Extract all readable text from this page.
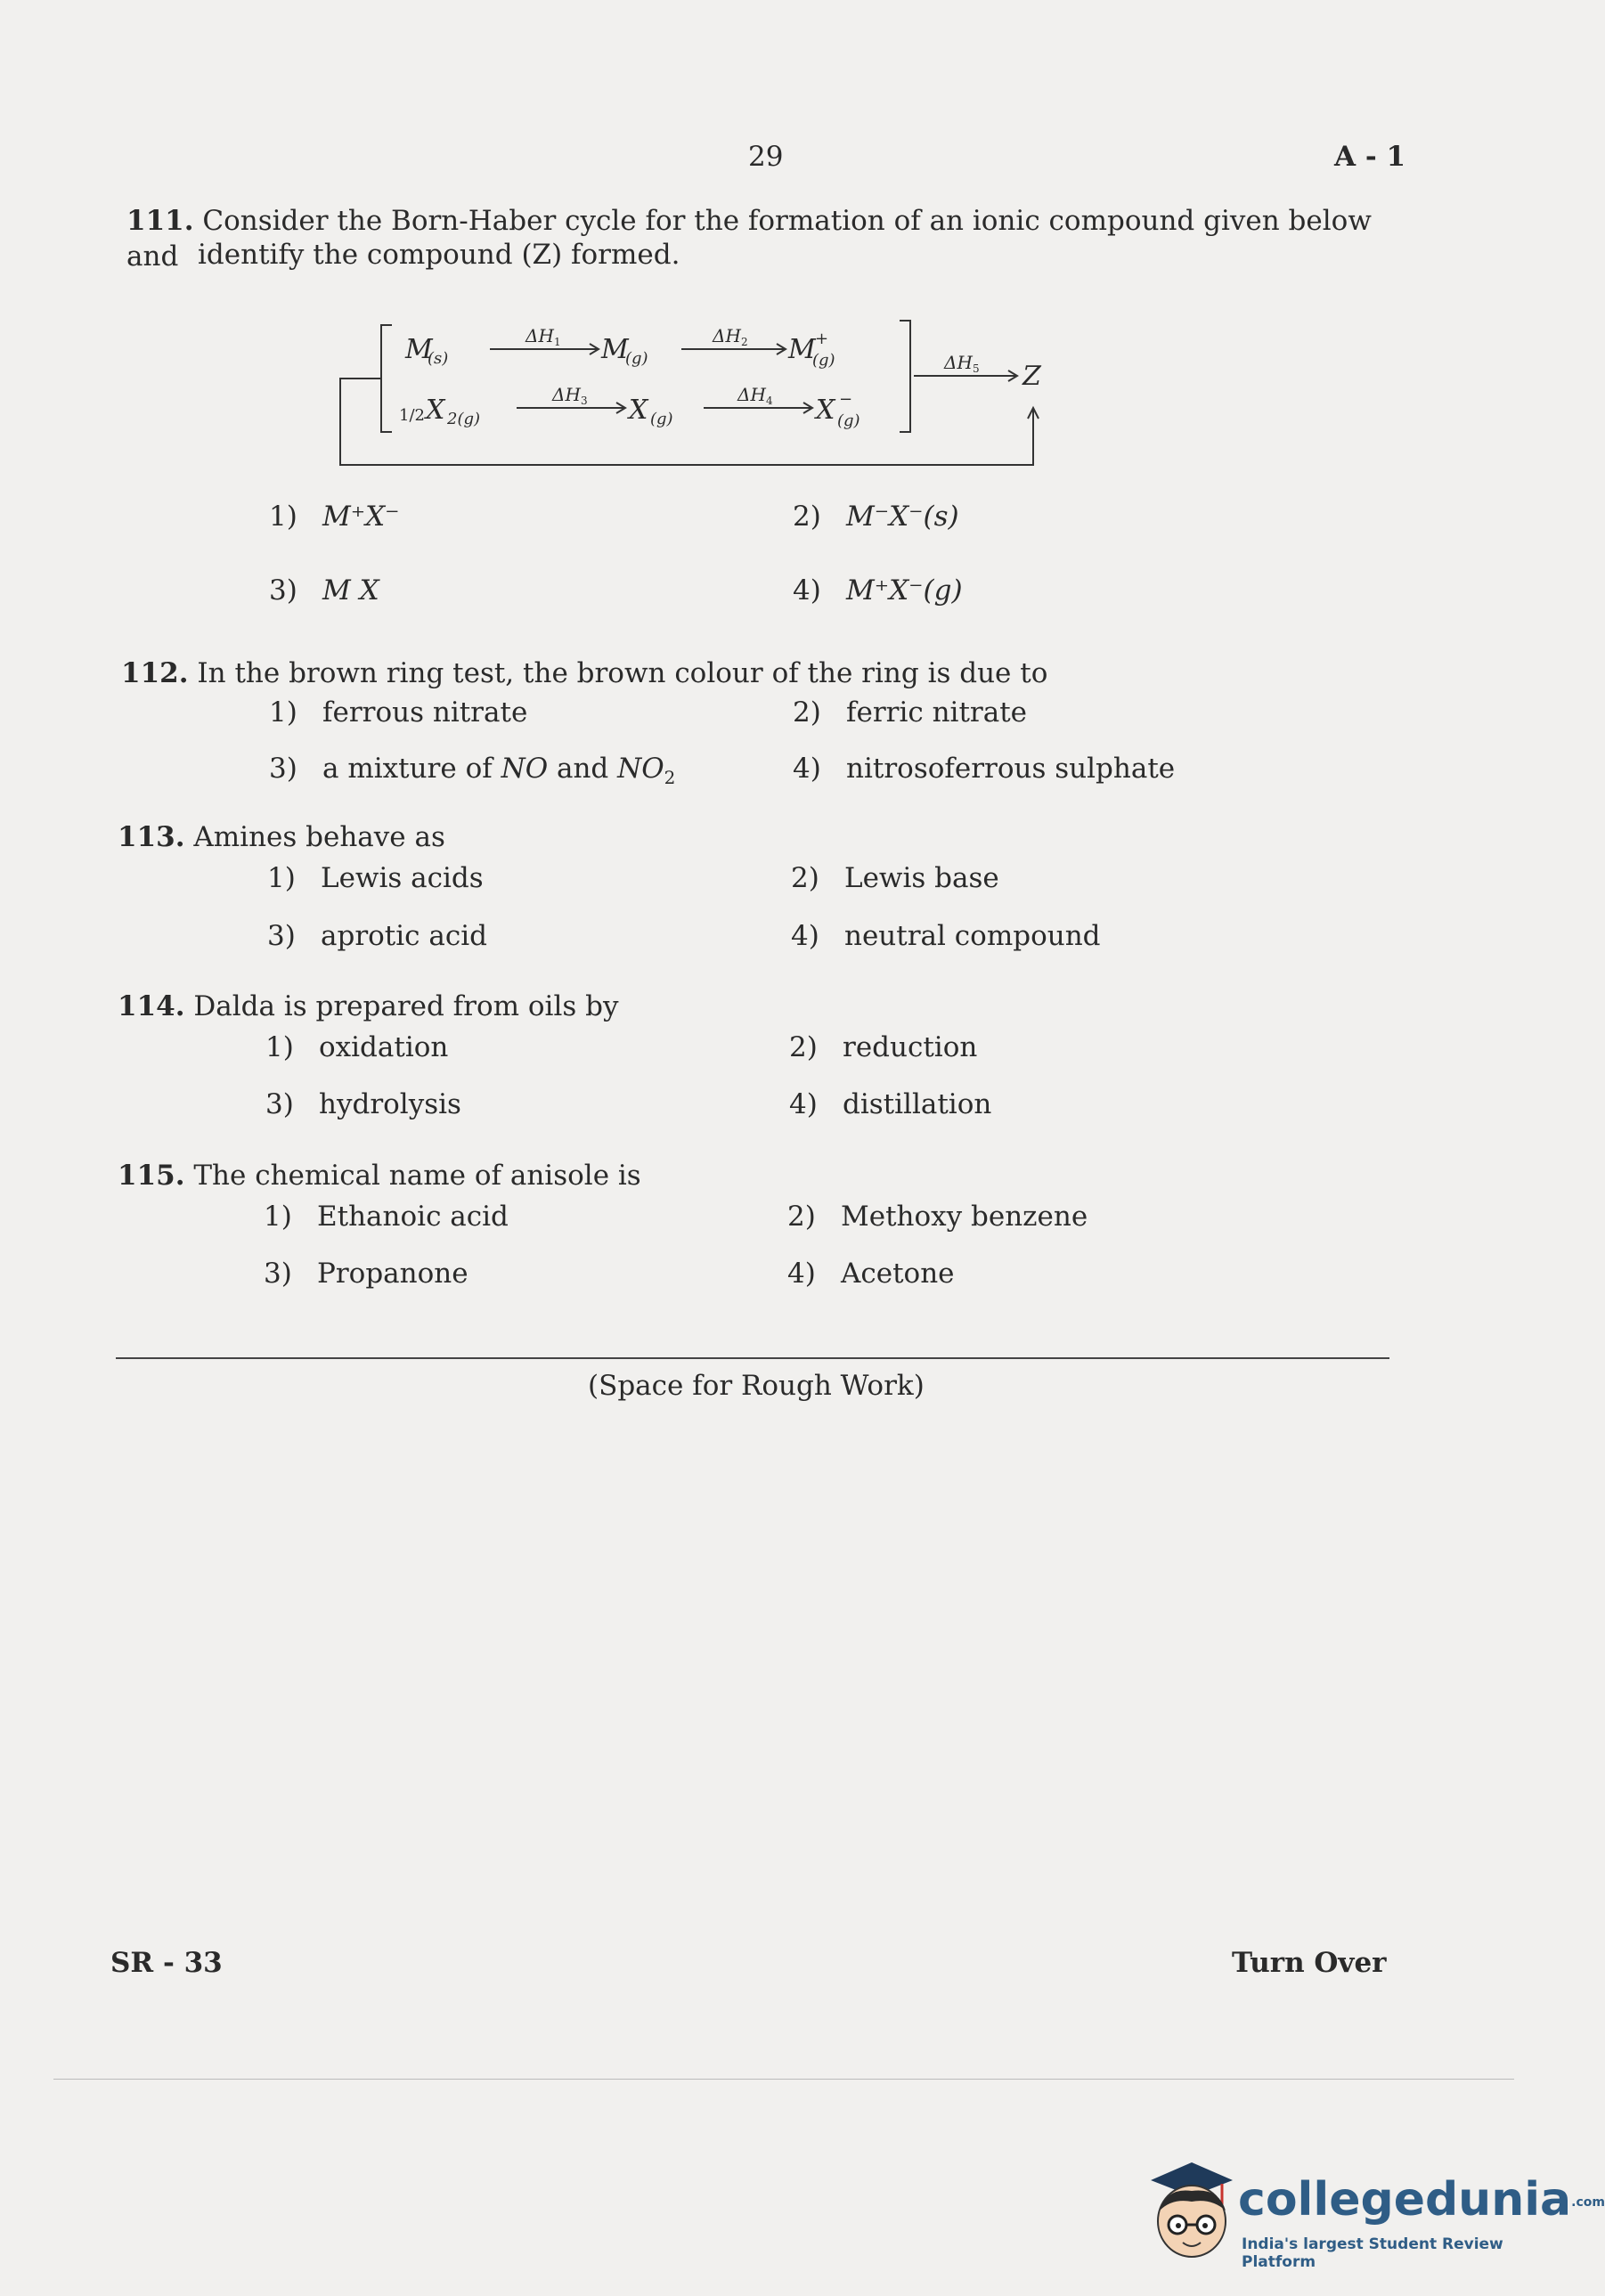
29	A - 1
111. Consider the Born-Haber cycle for the formation of an ionic compound given below and identify the compound (Z) formed.
M
(s)
ΔH 1 M
(g)
ΔH 2 M +
(g)
1/2 X 2(g)
ΔH 3 X (g)
ΔH 4 X −
(g)
ΔH 5 Z
1) M⁺X⁻	2) M⁻X⁻(s)
3) M X	4) M⁺X⁻(g)
112. In the brown ring test, the brown colour of the ring is due to
1) ferrous nitrate	2) ferric nitrate
3) a mixture of NO and $NO_2$	4) nitrosoferrous sulphate
113. Amines behave as
1) Lewis acids	2) Lewis base
3) aprotic acid	4) neutral compound
114. Dalda is prepared from oils by
1) oxidation	2) reduction
3) hydrolysis	4) distillation
115. The chemical name of anisole is
1) Ethanoic acid	2) Methoxy benzene
3) Propanone	4) Acetone
(Space for Rough Work)
SR - 33	Turn Over
collegedunia.com
India's largest Student Review Platform
